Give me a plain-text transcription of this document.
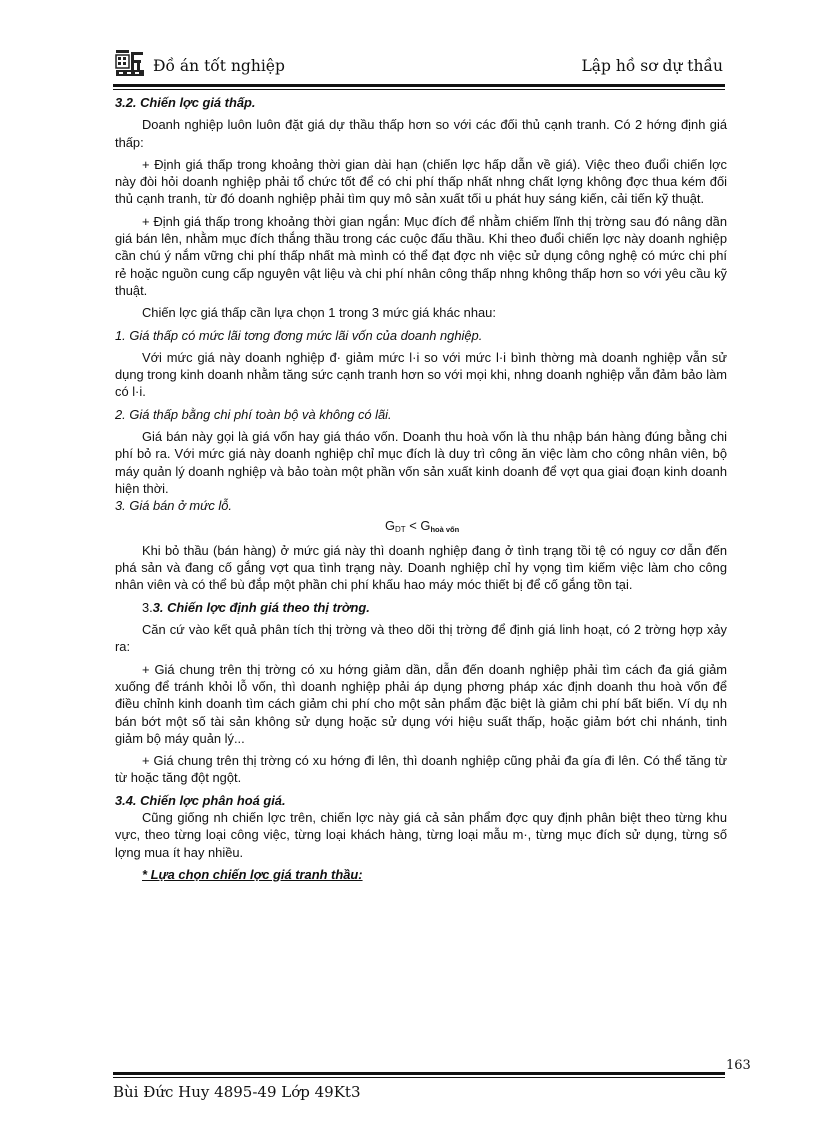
Đồ án tốt nghiệp	Lập hồ sơ dự thầu

3.2. Chiến lợc giá thấp.

Doanh nghiệp luôn luôn đặt giá dự thầu thấp hơn so với các đối thủ cạnh tranh. Có 2 hớng định giá thấp:

+ Định giá thấp trong khoảng thời gian dài hạn (chiến lợc hấp dẫn về giá). Việc theo đuổi chiến lợc này đòi hỏi doanh nghiệp phải tổ chức tốt để có chi phí thấp nhất nhng chất lợng không đợc thua kém đối thủ cạnh tranh, từ đó doanh nghiệp phải tìm quy mô sản xuất tối u phát huy sáng kiến, cải tiến kỹ thuật.

+ Định giá thấp trong khoảng thời gian ngắn: Mục đích để nhằm chiếm lĩnh thị trờng sau đó nâng dần giá bán lên, nhằm mục đích thắng thầu trong các cuộc đấu thầu. Khi theo đuổi chiến lợc này doanh nghiệp cần chú ý nắm vững chi phí thấp nhất mà mình có thể đạt đợc nh việc sử dụng công nghệ có mức chi phí rẻ hoặc nguồn cung cấp nguyên vật liệu và chi phí nhân công thấp nhng không thấp hơn so với yêu cầu kỹ thuật.

Chiến lợc giá thấp cần lựa chọn 1 trong 3 mức giá khác nhau:

1. Giá thấp có mức lãi tơng đơng mức lãi vốn của doanh nghiệp.

Với mức giá này doanh nghiệp đ· giảm mức l·i so với mức l·i bình thờng mà doanh nghiệp vẫn sử dụng trong kinh doanh nhằm tăng sức cạnh tranh hơn so với mọi khi, nhng doanh nghiệp vẫn đảm bảo làm có l·i.

2. Giá thấp bằng chi phí toàn bộ và không có lãi.

Giá bán này gọi là giá vốn hay giá tháo vốn. Doanh thu hoà vốn là thu nhập bán hàng đúng bằng chi phí bỏ ra. Với mức giá này doanh nghiệp chỉ mục đích là duy trì công ăn việc làm cho công nhân viên, bộ máy quản lý doanh nghiệp và bảo toàn một phần vốn sản xuất kinh doanh để vợt qua giai đoạn kinh doanh hiện thời.

3. Giá bán ở mức lỗ.

$G_{DT} < G_{hoà vốn}$

Khi bỏ thầu (bán hàng) ở mức giá này thì doanh nghiệp đang ở tình trạng tồi tệ có nguy cơ dẫn đến phá sản và đang cố gắng vợt qua tình trạng này. Doanh nghiệp chỉ hy vọng tìm kiếm việc làm cho công nhân viên và có thể bù đắp một phần chi phí khấu hao máy móc thiết bị để cố gắng tồn tại.

3.3. Chiến lợc định giá theo thị trờng.

Căn cứ vào kết quả phân tích thị trờng và theo dõi thị trờng để định giá linh hoạt, có 2 trờng hợp xảy ra:

+ Giá chung trên thị trờng có xu hớng giảm dần, dẫn đến doanh nghiệp phải tìm cách đa giá giảm xuống để tránh khỏi lỗ vốn, thì doanh nghiệp phải áp dụng phơng pháp xác định doanh thu hoà vốn để điều chỉnh kinh doanh tìm cách giảm chi phí cho một sản phẩm đặc biệt là giảm chi phí bất biến. Ví dụ nh bán bớt một số tài sản không sử dụng hoặc sử dụng với hiệu suất thấp, hoặc giảm bớt chi nhánh, tinh giảm bộ máy quản lý...

+ Giá chung trên thị trờng có xu hớng đi lên, thì doanh nghiệp cũng phải đa gía đi lên. Có thể tăng từ từ hoặc tăng đột ngột.

3.4. Chiến lợc phân hoá giá.

Cũng giống nh chiến lợc trên, chiến lợc này giá cả sản phẩm đợc quy định phân biệt theo từng khu vực, theo từng loại công việc, từng loại khách hàng, từng loại mẫu m·, từng mục đích sử dụng, từng số lợng mua ít hay nhiều.

* Lựa chọn chiến lợc giá tranh thầu:

163
Bùi Đức Huy 4895-49 Lớp 49Kt3
